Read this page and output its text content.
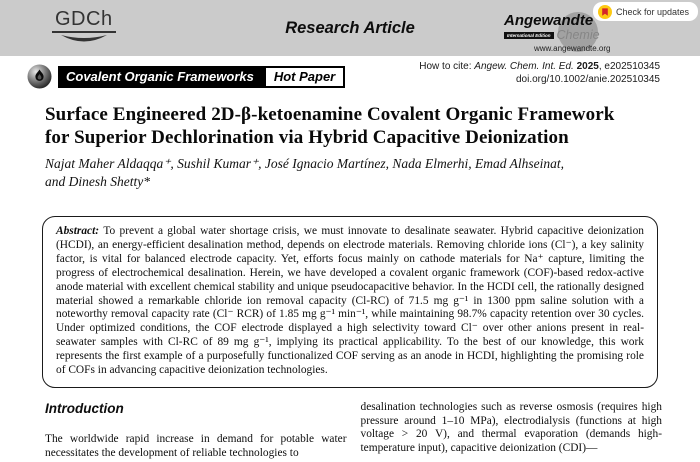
GDCh	Research Article	Angewandte
International Edition Chemie
www.angewandte.org
Check for updates
Covalent Organic Frameworks	Hot Paper
How to cite: Angew. Chem. Int. Ed. 2025, e202510345
doi.org/10.1002/anie.202510345
Surface Engineered 2D-β-ketoenamine Covalent Organic Framework
for Superior Dechlorination via Hybrid Capacitive Deionization
Najat Maher Aldaqqa⁺, Sushil Kumar⁺, José Ignacio Martínez, Nada Elmerhi, Emad Alhseinat,
and Dinesh Shetty*
Abstract: To prevent a global water shortage crisis, we must innovate to desalinate seawater. Hybrid capacitive deionization (HCDI), an energy-efficient desalination method, depends on electrode materials. Removing chloride ions (Cl⁻), a key salinity factor, is vital for balanced electrode capacity. Yet, efforts focus mainly on cathode materials for Na⁺ capture, limiting the progress of electrochemical desalination. Herein, we have developed a covalent organic framework (COF)-based redox-active anode material with excellent chemical stability and unique pseudocapacitive behavior. In the HCDI cell, the rationally designed material showed a remarkable chloride ion removal capacity (Cl-RC) of 71.5 mg g⁻¹ in 1300 ppm saline solution with a noteworthy removal capacity rate (Cl⁻ RCR) of 1.85 mg g⁻¹ min⁻¹, while maintaining 98.7% capacity retention over 30 cycles. Under optimized conditions, the COF electrode displayed a high selectivity toward Cl⁻ over other anions present in real-seawater samples with Cl-RC of 89 mg g⁻¹, implying its practical applicability. To the best of our knowledge, this work represents the first example of a purposefully functionalized COF serving as an anode in HCDI, highlighting the promising role of COFs in advancing capacitive deionization technologies.
Introduction

The worldwide rapid increase in demand for potable water necessitates the development of reliable technologies to

desalination technologies such as reverse osmosis (requires high pressure around 1–10 MPa), electrodialysis (functions at high voltage > 20 V), and thermal evaporation (demands high-temperature input), capacitive deionization (CDI)—
